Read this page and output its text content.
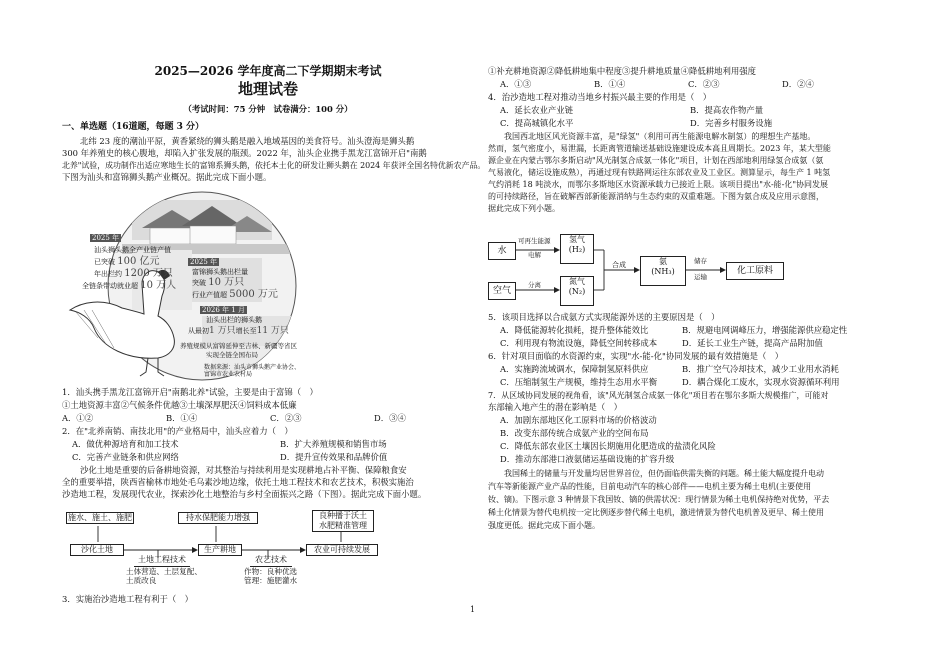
2025—2026 学年度高二下学期期末考试
地理试卷
（考试时间：75 分钟　试卷满分：100 分）
一、单选题（16道题，每题 3 分）
北纬 23 度的潮汕平原，黄香紧绕的狮头鹅是融入地域基因的美食符号。汕头澄海是狮头鹅
300 年养殖史的核心腹地，却陷入扩张发展的瓶颈。2022 年，汕头企业携手黑龙江富锦开启"南鹅
北养"试验，成功制作出适应寒地生长的富锦系狮头鹅，依托本土化的研发让狮头鹅在 2024 年获评全国名特优新农产品。
下图为汕头和富锦狮头鹅产业概况。据此完成下面小题。
2025 年
汕头狮头鹅全产业链产值
已突破 100 亿元
年出栏约 1200 万只
全链条带动就业超 10 万人
2025 年
富锦狮头鹅出栏量
突破 10 万只
行业产值超 5000 万元
2026 年 1 月
汕头出栏的狮头鹅
从最初1 万只增长至11 万只
养殖规模从富锦延伸至吉林、新疆等省区
实现全链全国布局
数据来源：汕头市狮头鹅产业协会、
富锦市农业农村局
1．汕头携手黑龙江富锦开启"南鹅北养"试验，主要是由于富锦（　）
①土地资源丰富②气候条件优越③土壤深厚肥沃④饲料成本低廉
A．①②	B．①④	C．②③	D．③④
2．在"北养南销、南技北用"的产业格局中，汕头应着力（　）
A．做优种源培育和加工技术	B．扩大养殖规模和销售市场
C．完善产业链条和供应网络	D．提升宣传效果和品牌价值
沙化土地是重要的后备耕地资源，对其整治与持续利用是实现耕地占补平衡、保障粮食安
全的重要举措，陕西省榆林市地处毛乌素沙地边缘，依托土地工程技术和农艺技术，积极实施治
沙造地工程，发展现代农业，探索沙化土地整治与乡村全面振兴之路（下图）。据此完成下面小题。
施水、施土、施肥	持水保肥能力增强	良种播于沃土
水肥精准管理
沙化土地	生产耕地	农业可持续发展
土地工程技术	农艺技术
土体营造、土层复配、
土质改良
作物：良种优选
管理：施肥灌水
3．实施治沙造地工程有利于（　）
①补充耕地资源②降低耕地集中程度③提升耕地质量④降低耕地利用强度
A．①③	B．①④	C．②③	D．②④
4．治沙造地工程对推动当地乡村振兴最主要的作用是（　）
A．延长农业产业链	B．提高农作物产量
C．提高城镇化水平	D．完善乡村服务设施
我国西北地区风光资源丰富，是"绿氢"（利用可再生能源电解水制氢）的理想生产基地。
然而，氢气密度小，易泄漏，长距离管道输送基础设施建设成本高且周期长。2023 年，某大型能
源企业在内蒙古鄂尔多斯启动"风光制氢合成氨一体化"项目，计划在西部地利用绿氢合成氨（氨
气易液化，储运设施成熟），再通过现有铁路网运往东部农业及工业区。测算显示，每生产 1 吨氢
气约消耗 18 吨淡水，而鄂尔多斯地区水资源承载力已接近上限。该项目提出"水-能-化"协同发展
的可持续路径，旨在破解西部新能源消纳与生态约束的双重难题。下图为氨合成及应用示意图，
据此完成下列小题。
水
空气
可再生能源
电解
分离
氢气
(H₂)
氮气
(N₂)
合成	氨
(NH₃)
储存
运输
化工原料
5．该项目选择以合成氨方式实现能源外送的主要原因是（　）
A．降低能源转化损耗，提升整体能效比	B．规避电网调峰压力，增强能源供应稳定性
C．利用现有物流设施，降低空间转移成本	D．延长工业生产链，提高产品附加值
6．针对项目面临的水资源约束，实现"水-能-化"协同发展的最有效措施是（　）
A．实施跨流域调水，保障制氢原料供应	B．推广空气冷却技术，减少工业用水消耗
C．压缩制氢生产规模，维持生态用水平衡	D．耦合煤化工废水，实现水资源循环利用
7．从区域协同发展的视角看，该"风光制氢合成氨一体化"项目若在鄂尔多斯大规模推广，可能对
东部输入地产生的潜在影响是（　）
A．加剧东部地区化工原料市场的价格波动
B．改变东部传统合成氨产业的空间布局
C．降低东部农业区土壤因长期施用化肥造成的盐渍化风险
D．推动东部港口液氨储运基础设施的扩容升级
我国稀土的储量与开发量均居世界首位，但仍面临供需失衡的问题。稀土能大幅度提升电动
汽车等新能源产业产品的性能，目前电动汽车的核心部件——电机主要为稀土电机(主要使用
钕、镝)。下图示意 3 种情景下我国钕、镝的供需状况：现行情景为稀土电机保持绝对优势，平去
稀土化情景为替代电机按一定比例逐步替代稀土电机，激进情景为替代电机普及更早、稀土使用
强度更低。据此完成下面小题。
1
